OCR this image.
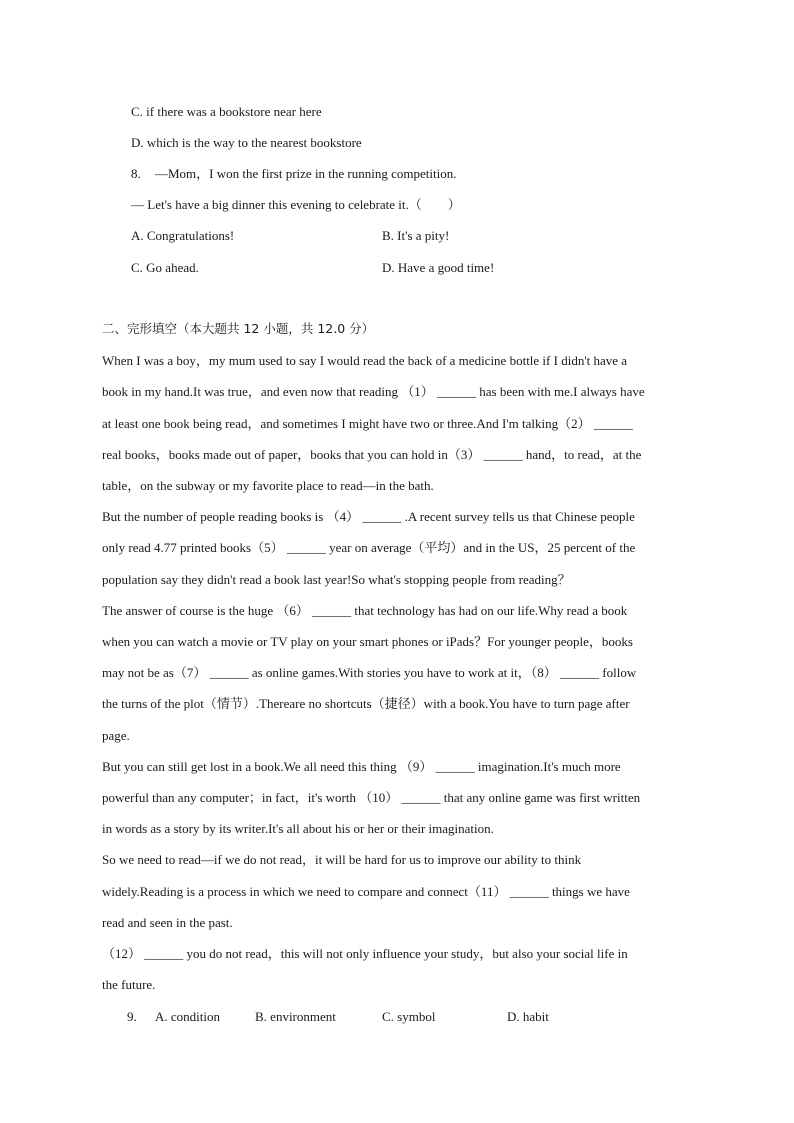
C. if there was a bookstore near here
D. which is the way to the nearest bookstore
8. —Mom，I won the first prize in the running competition.
— Let's have a big dinner this evening to celebrate it.（　　）
A. Congratulations!	B. It's a pity!
C. Go ahead.	D. Have a good time!
二、完形填空（本大题共 12 小题，共 12.0 分）
When I was a boy，my mum used to say I would read the back of a medicine bottle if I didn't have a
book in my hand.It was true，and even now that reading （1） ______ has been with me.I always have
at least one book being read，and sometimes I might have two or three.And I'm talking（2） ______
real books，books made out of paper，books that you can hold in（3） ______ hand，to read，at the
table，on the subway or my favorite place to read—in the bath.
But the number of people reading books is （4） ______ .A recent survey tells us that Chinese people
only read 4.77 printed books（5） ______ year on average（平均）and in the US，25 percent of the
population say they didn't read a book last year!So what's stopping people from reading？
The answer of course is the huge （6） ______ that technology has had on our life.Why read a book
when you can watch a movie or TV play on your smart phones or iPads？For younger people，books
may not be as（7） ______ as online games.With stories you have to work at it，（8） ______ follow
the turns of the plot（情节）.Thereare no shortcuts（捷径）with a book.You have to turn page after
page.
But you can still get lost in a book.We all need this thing （9） ______ imagination.It's much more
powerful than any computer；in fact，it's worth （10） ______ that any online game was first written
in words as a story by its writer.It's all about his or her or their imagination.
So we need to read—if we do not read，it will be hard for us to improve our ability to think
widely.Reading is a process in which we need to compare and connect（11） ______ things we have
read and seen in the past.
（12） ______ you do not read，this will not only influence your study，but also your social life in
the future.
9. A. condition	B. environment	C. symbol	D. habit
